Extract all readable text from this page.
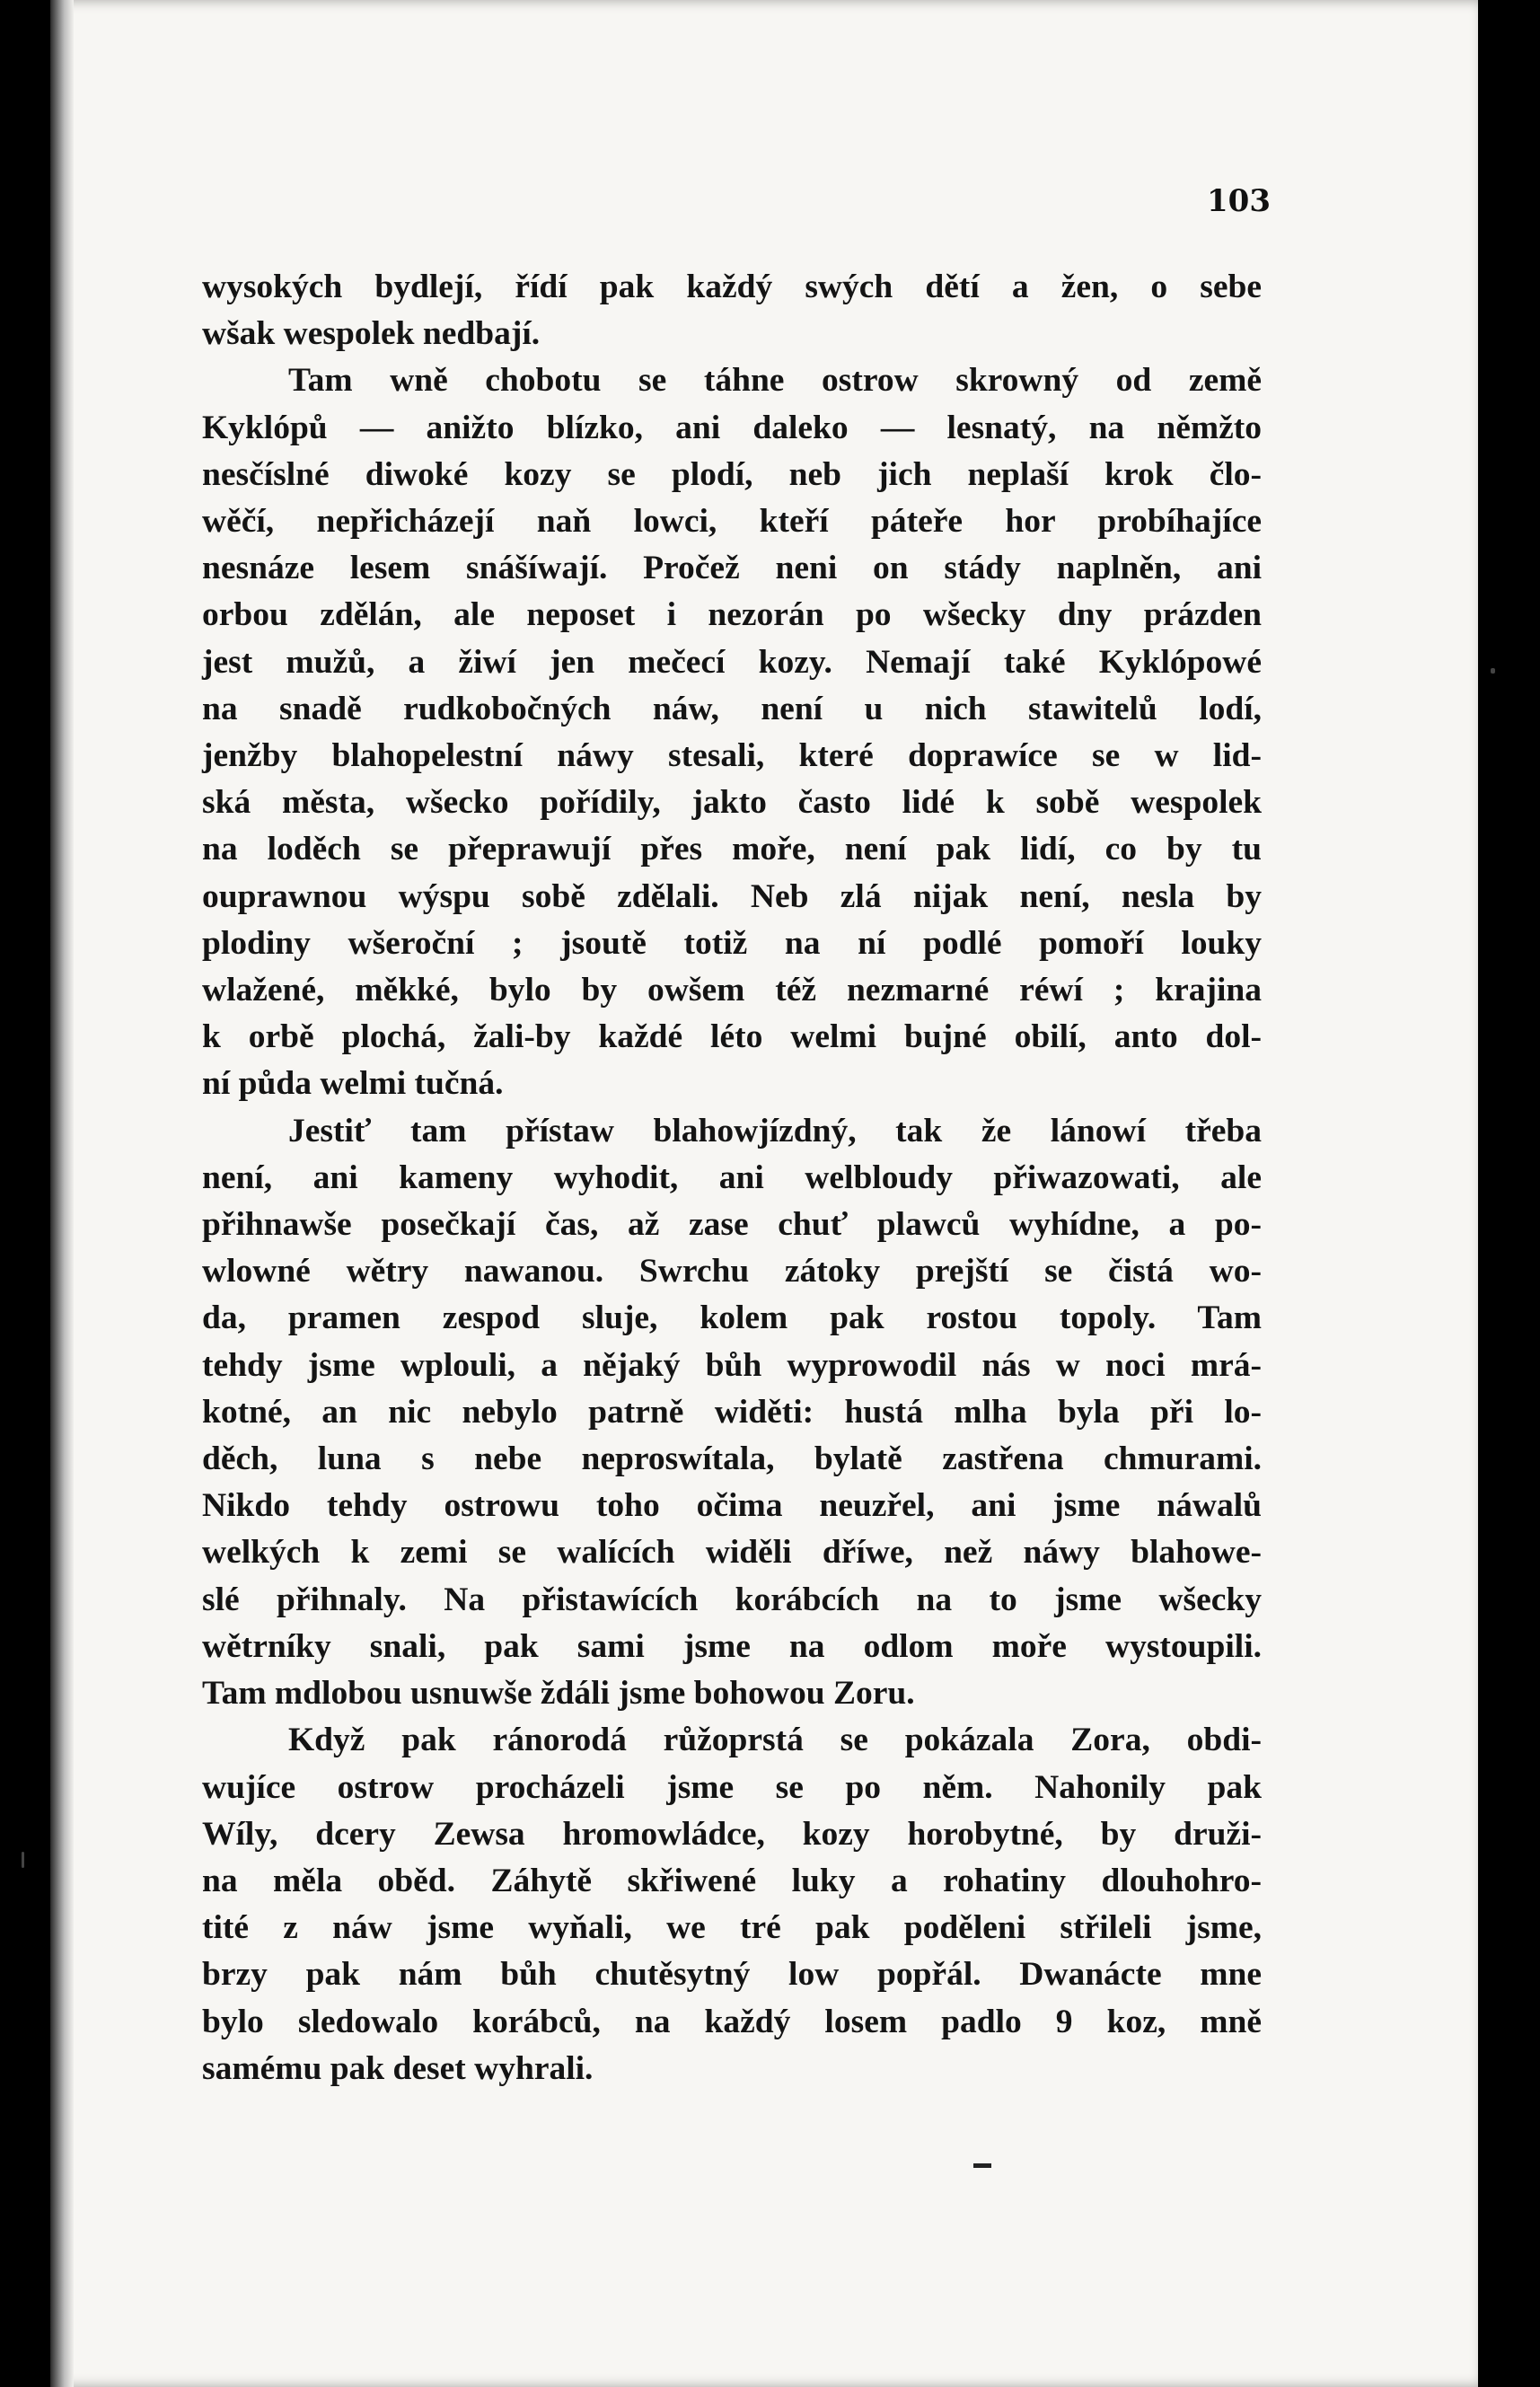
103
wysokých bydlejí, řídí pak každý swých dětí a žen, o sebe
wšak wespolek nedbají.
Tam wně chobotu se táhne ostrow skrowný od země
Kyklópů — anižto blízko, ani daleko — lesnatý, na němžto
nesčíslné diwoké kozy se plodí, neb jich neplaší krok člo-
wěčí, nepřicházejí naň lowci, kteří páteře hor probíhajíce
nesnáze lesem snášíwají. Pročež neni on stády naplněn, ani
orbou zdělán, ale neposet i nezorán po wšecky dny prázden
jest mužů, a žiwí jen mečecí kozy. Nemají také Kyklópowé
na snadě rudkobočných náw, není u nich stawitelů lodí,
jenžby blahopelestní náwy stesali, které doprawíce se w lid-
ská města, wšecko pořídily, jakto často lidé k sobě wespolek
na loděch se přeprawují přes moře, není pak lidí, co by tu
ouprawnou wýspu sobě zdělali. Neb zlá nijak není, nesla by
plodiny wšeroční ; jsoutě totiž na ní podlé pomoří louky
wlažené, měkké, bylo by owšem též nezmarné réwí ; krajina
k orbě plochá, žali-by každé léto welmi bujné obilí, anto dol-
ní půda welmi tučná.
Jestiť tam přístaw blahowjízdný, tak že lánowí třeba
není, ani kameny wyhodit, ani welbloudy přiwazowati, ale
přihnawše posečkají čas, až zase chuť plawců wyhídne, a po-
wlowné wětry nawanou. Swrchu zátoky prejští se čistá wo-
da, pramen zespod sluje, kolem pak rostou topoly. Tam
tehdy jsme wplouli, a nějaký bůh wyprowodil nás w noci mrá-
kotné, an nic nebylo patrně widěti: hustá mlha byla při lo-
děch, luna s nebe neproswítala, bylatě zastřena chmurami.
Nikdo tehdy ostrowu toho očima neuzřel, ani jsme náwalů
welkých k zemi se walících widěli dříwe, než náwy blahowe-
slé přihnaly. Na přistawících korábcích na to jsme wšecky
wětrníky snali, pak sami jsme na odlom moře wystoupili.
Tam mdlobou usnuwše ždáli jsme bohowou Zoru.
Když pak ránorodá růžoprstá se pokázala Zora, obdi-
wujíce ostrow procházeli jsme se po něm. Nahonily pak
Wíly, dcery Zewsa hromowládce, kozy horobytné, by druži-
na měla oběd. Záhytě skřiwené luky a rohatiny dlouhohro-
tité z náw jsme wyňali, we tré pak poděleni střileli jsme,
brzy pak nám bůh chutěsytný low popřál. Dwanácte mne
bylo sledowalo korábců, na každý losem padlo 9 koz, mně
samému pak deset wyhrali.
